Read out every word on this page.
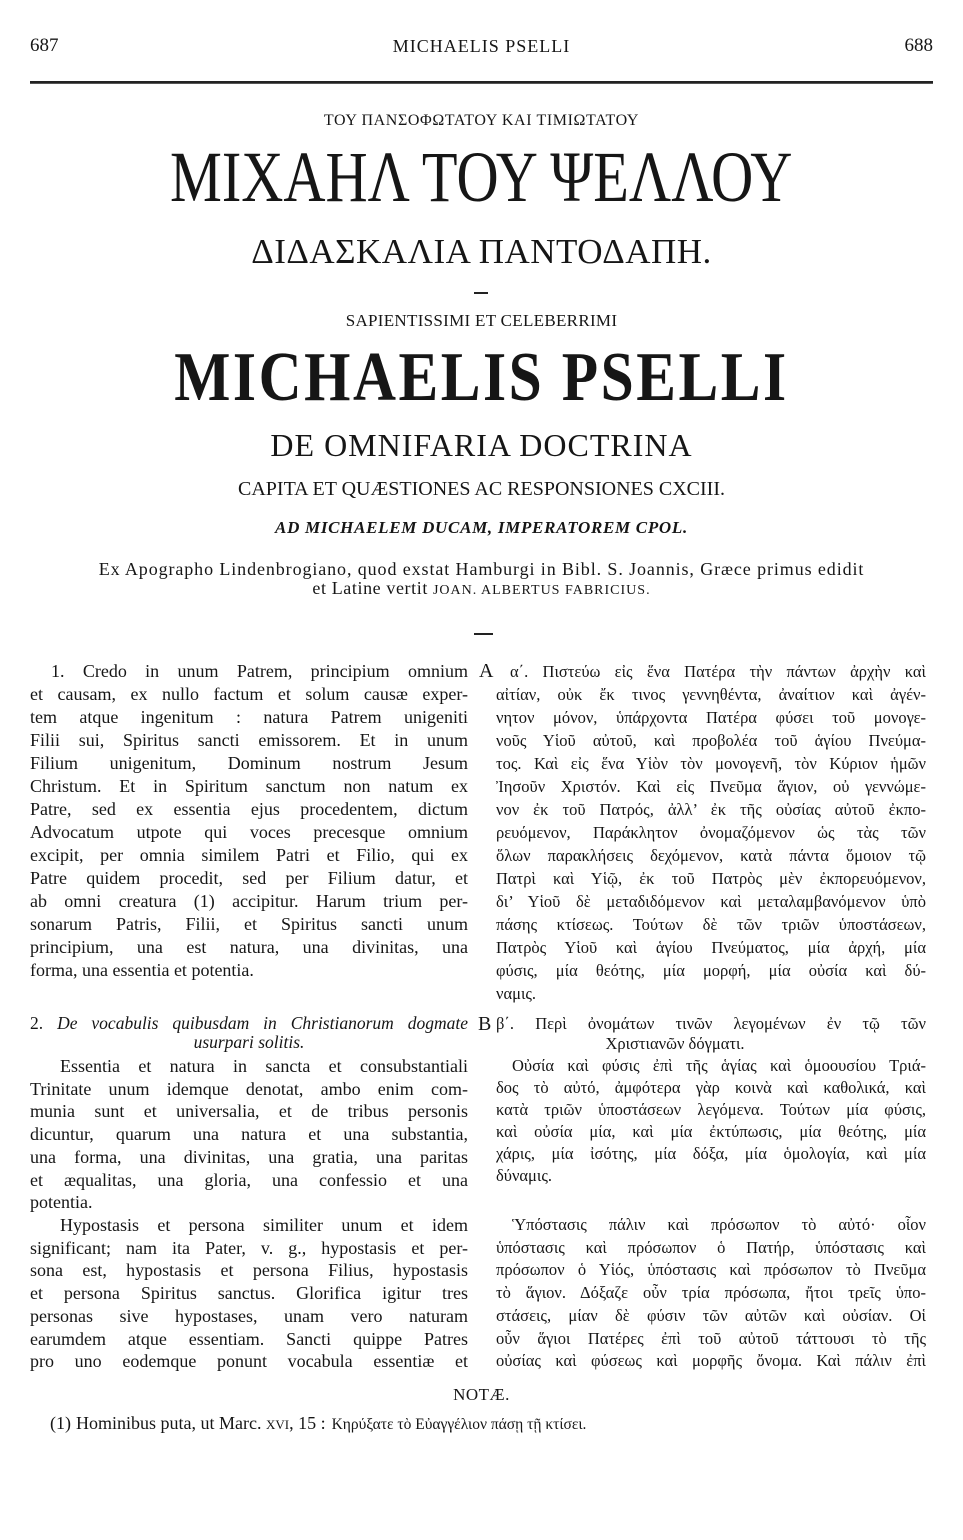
687	MICHAELIS PSELLI	688
ΤΟΥ ΠΑΝΣΟΦΩΤΑΤΟΥ ΚΑΙ ΤΙΜΙΩΤΑΤΟΥ
ΜΙΧΑΗΛ ΤΟΥ ΨΕΛΛΟΥ
ΔΙΔΑΣΚΑΛΙΑ ΠΑΝΤΟΔΑΠΗ.
SAPIENTISSIMI ET CELEBERRIMI
MICHAELIS PSELLI
DE OMNIFARIA DOCTRINA
CAPITA ET QUÆSTIONES AC RESPONSIONES CXCIII.
AD MICHAELEM DUCAM, IMPERATOREM CPOL.
Ex Apographo Lindenbrogiano, quod exstat Hamburgi in Bibl. S. Joannis, Græce primus edidit
et Latine vertit JOAN. ALBERTUS FABRICIUS.
1. Credo in unum Patrem, principium omnium
et causam, ex nullo factum et solum causæ exper-
tem atque ingenitum : natura Patrem unigeniti
Filii sui, Spiritus sancti emissorem. Et in unum
Filium unigenitum, Dominum nostrum Jesum
Christum. Et in Spiritum sanctum non natum ex
Patre, sed ex essentia ejus procedentem, dictum
Advocatum utpote qui voces precesque omnium
excipit, per omnia similem Patri et Filio, qui ex
Patre quidem procedit, sed per Filium datur, et
ab omni creatura (1) accipitur. Harum trium per-
sonarum Patris, Filii, et Spiritus sancti unum
principium, una est natura, una divinitas, una
forma, una essentia et potentia.
2. De vocabulis quibusdam in Christianorum dogmate
usurpari solitis.
Essentia et natura in sancta et consubstantiali
Trinitate unum idemque denotat, ambo enim com-
munia sunt et universalia, et de tribus personis
dicuntur, quarum una natura et una substantia,
una forma, una divinitas, una gratia, una paritas
et æqualitas, una gloria, una confessio et una
potentia.
Hypostasis et persona similiter unum et idem
significant; nam ita Pater, v. g., hypostasis et per-
sona est, hypostasis et persona Filius, hypostasis
et persona Spiritus sanctus. Glorifica igitur tres
personas sive hypostases, unam vero naturam
earumdem atque essentiam. Sancti quippe Patres
pro uno eodemque ponunt vocabula essentiæ et
A
B
α΄. Πιστεύω εἰς ἕνα Πατέρα τὴν πάντων ἀρχὴν καὶ
αἰτίαν, οὐκ ἔκ τινος γεννηθέντα, ἀναίτιον καὶ ἀγέν-
νητον μόνον, ὑπάρχοντα Πατέρα φύσει τοῦ μονογε-
νοῦς Υἱοῦ αὐτοῦ, καὶ προβολέα τοῦ ἁγίου Πνεύμα-
τος. Καὶ εἰς ἕνα Υἱὸν τὸν μονογενῆ, τὸν Κύριον ἡμῶν
Ἰησοῦν Χριστόν. Καὶ εἰς Πνεῦμα ἅγιον, οὐ γεννώμε-
νον ἐκ τοῦ Πατρός, ἀλλ’ ἐκ τῆς οὐσίας αὐτοῦ ἐκπο-
ρευόμενον, Παράκλητον ὀνομαζόμενον ὡς τὰς τῶν
ὅλων παρακλήσεις δεχόμενον, κατὰ πάντα ὅμοιον τῷ
Πατρὶ καὶ Υἱῷ, ἐκ τοῦ Πατρὸς μὲν ἐκπορευόμενον,
δι’ Υἱοῦ δὲ μεταδιδόμενον καὶ μεταλαμβανόμενον ὑπὸ
πάσης κτίσεως. Τούτων δὲ τῶν τριῶν ὑποστάσεων,
Πατρὸς Υἱοῦ καὶ ἁγίου Πνεύματος, μία ἀρχή, μία
φύσις, μία θεότης, μία μορφή, μία οὐσία καὶ δύ-
ναμις.
β΄. Περὶ ὀνομάτων τινῶν λεγομένων ἐν τῷ τῶν
Χριστιανῶν δόγματι.
Οὐσία καὶ φύσις ἐπὶ τῆς ἁγίας καὶ ὁμοουσίου Τριά-
δος τὸ αὐτό, ἀμφότερα γὰρ κοινὰ καὶ καθολικά, καὶ
κατὰ τριῶν ὑποστάσεων λεγόμενα. Τούτων μία φύσις,
καὶ οὐσία μία, καὶ μία ἐκτύπωσις, μία θεότης, μία
χάρις, μία ἰσότης, μία δόξα, μία ὁμολογία, καὶ μία
δύναμις.
Ὑπόστασις πάλιν καὶ πρόσωπον τὸ αὐτό· οἷον
ὑπόστασις καὶ πρόσωπον ὁ Πατήρ, ὑπόστασις καὶ
πρόσωπον ὁ Υἱός, ὑπόστασις καὶ πρόσωπον τὸ Πνεῦμα
τὸ ἅγιον. Δόξαζε οὖν τρία πρόσωπα, ἤτοι τρεῖς ὑπο-
στάσεις, μίαν δὲ φύσιν τῶν αὐτῶν καὶ οὐσίαν. Οἱ
οὖν ἅγιοι Πατέρες ἐπὶ τοῦ αὐτοῦ τάττουσι τὸ τῆς
οὐσίας καὶ φύσεως καὶ μορφῆς ὄνομα. Καὶ πάλιν ἐπὶ
NOTÆ.
(1) Hominibus puta, ut Marc. xvi, 15 : Κηρύξατε τὸ Εὐαγγέλιον πάσῃ τῇ κτίσει.
